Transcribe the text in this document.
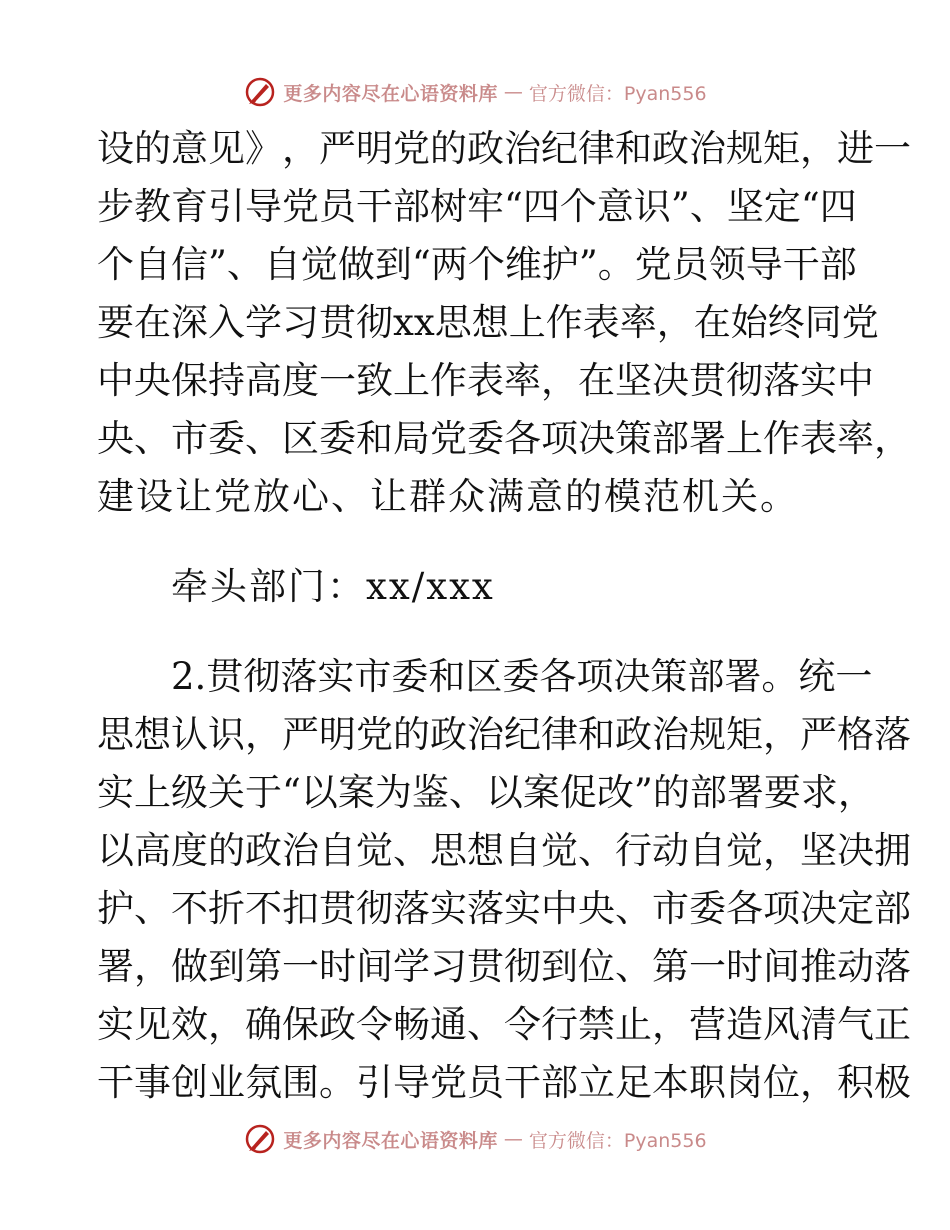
更多内容尽在心语资料库 — 官方微信：Pyan556
设 的 意 见 》 ， 严 明 党 的 政 治 纪 律 和 政 治 规 矩 ， 进 一
步 教 育 引 导 党 员 干 部 树 牢 “ 四 个 意 识 ” 、 坚 定 “ 四
个 自 信 ” 、 自 觉 做 到 “ 两 个 维 护 ” 。 党 员 领 导 干 部
要 在 深 入 学 习 贯 彻 xx 思 想 上 作 表 率 ， 在 始 终 同 党
中 央 保 持 高 度 一 致 上 作 表 率 ， 在 坚 决 贯 彻 落 实 中
央 、 市 委 、 区 委 和 局 党 委 各 项 决 策 部 署 上 作 表 率 ，
建设让党放心、让群众满意的模范机关。
牵头部门：xx/xxx
2. 贯 彻 落 实 市 委 和 区 委 各 项 决 策 部 署 。 统 一
思 想 认 识 ， 严 明 党 的 政 治 纪 律 和 政 治 规 矩 ， 严 格 落
实 上 级 关 于 “ 以 案 为 鉴 、 以 案 促 改 ” 的 部 署 要 求 ，
以 高 度 的 政 治 自 觉 、 思 想 自 觉 、 行 动 自 觉 ， 坚 决 拥
护 、 不 折 不 扣 贯 彻 落 实 落 实 中 央 、 市 委 各 项 决 定 部
署 ， 做 到 第 一 时 间 学 习 贯 彻 到 位 、 第 一 时 间 推 动 落
实 见 效 ， 确 保 政 令 畅 通 、 令 行 禁 止 ， 营 造 风 清 气 正
干 事 创 业 氛 围 。 引 导 党 员 干 部 立 足 本 职 岗 位 ， 积 极
更多内容尽在心语资料库 — 官方微信：Pyan556
